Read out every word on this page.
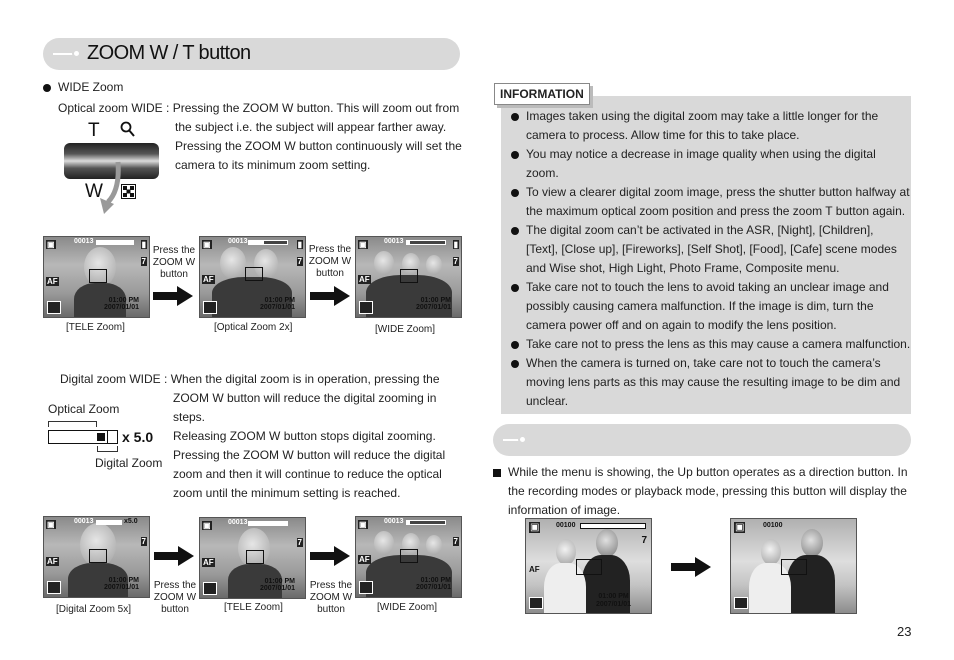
ZOOM W / T button
WIDE Zoom
Optical zoom WIDE : Pressing the ZOOM W button. This will zoom out from
the subject i.e. the subject will appear farther away.
Pressing the ZOOM W button continuously will set the
camera to its minimum zoom setting.
T
W
▣	00013
AF
▮
7
01:00 PM
2007/01/01
[TELE Zoom]
Press the
ZOOM W
button
▣ 00013
AF
▮
7
01:00 PM
2007/01/01
[Optical Zoom 2x]
Press the
ZOOM W
button
▣ 00013
AF
▮
7
01:00 PM
2007/01/01
[WIDE Zoom]
Digital zoom WIDE : When the digital zoom is in operation, pressing the
ZOOM W button will reduce the digital zooming in
steps.
Releasing ZOOM W button stops digital zooming.
Pressing the ZOOM W button will reduce the digital
zoom and then it will continue to reduce the optical
zoom until the minimum setting is reached.
Optical Zoom
x 5.0
Digital Zoom
▣	00013	x5.0
AF
7
01:00 PM
2007/01/01
[Digital Zoom 5x]
Press the
ZOOM W
button
▣ 00013
AF
7
01:00 PM
2007/01/01
[TELE Zoom]
Press the
ZOOM W
button
▣ 00013
AF
7
01:00 PM
2007/01/01
[WIDE Zoom]
INFORMATION
Images taken using the digital zoom may take a little longer for the
camera to process. Allow time for this to take place.
You may notice a decrease in image quality when using the digital
zoom.
To view a clearer digital zoom image, press the shutter button halfway at
the maximum optical zoom position and press the zoom T button again.
The digital zoom can’t be activated in the ASR, [Night], [Children],
[Text], [Close up], [Fireworks], [Self Shot], [Food], [Cafe] scene modes
and Wise shot, High Light, Photo Frame, Composite menu.
Take care not to touch the lens to avoid taking an unclear image and
possibly causing camera malfunction. If the image is dim, turn the
camera power off and on again to modify the lens position.
Take care not to press the lens as this may cause a camera malfunction.
When the camera is turned on, take care not to touch the camera’s
moving lens parts as this may cause the resulting image to be dim and
unclear.
While the menu is showing, the Up button operates as a direction button. In
the recording modes or playback mode, pressing this button will display the
information of image.
▣ 00100
AF
7
01:00 PM
2007/01/01
▣	00100
23
